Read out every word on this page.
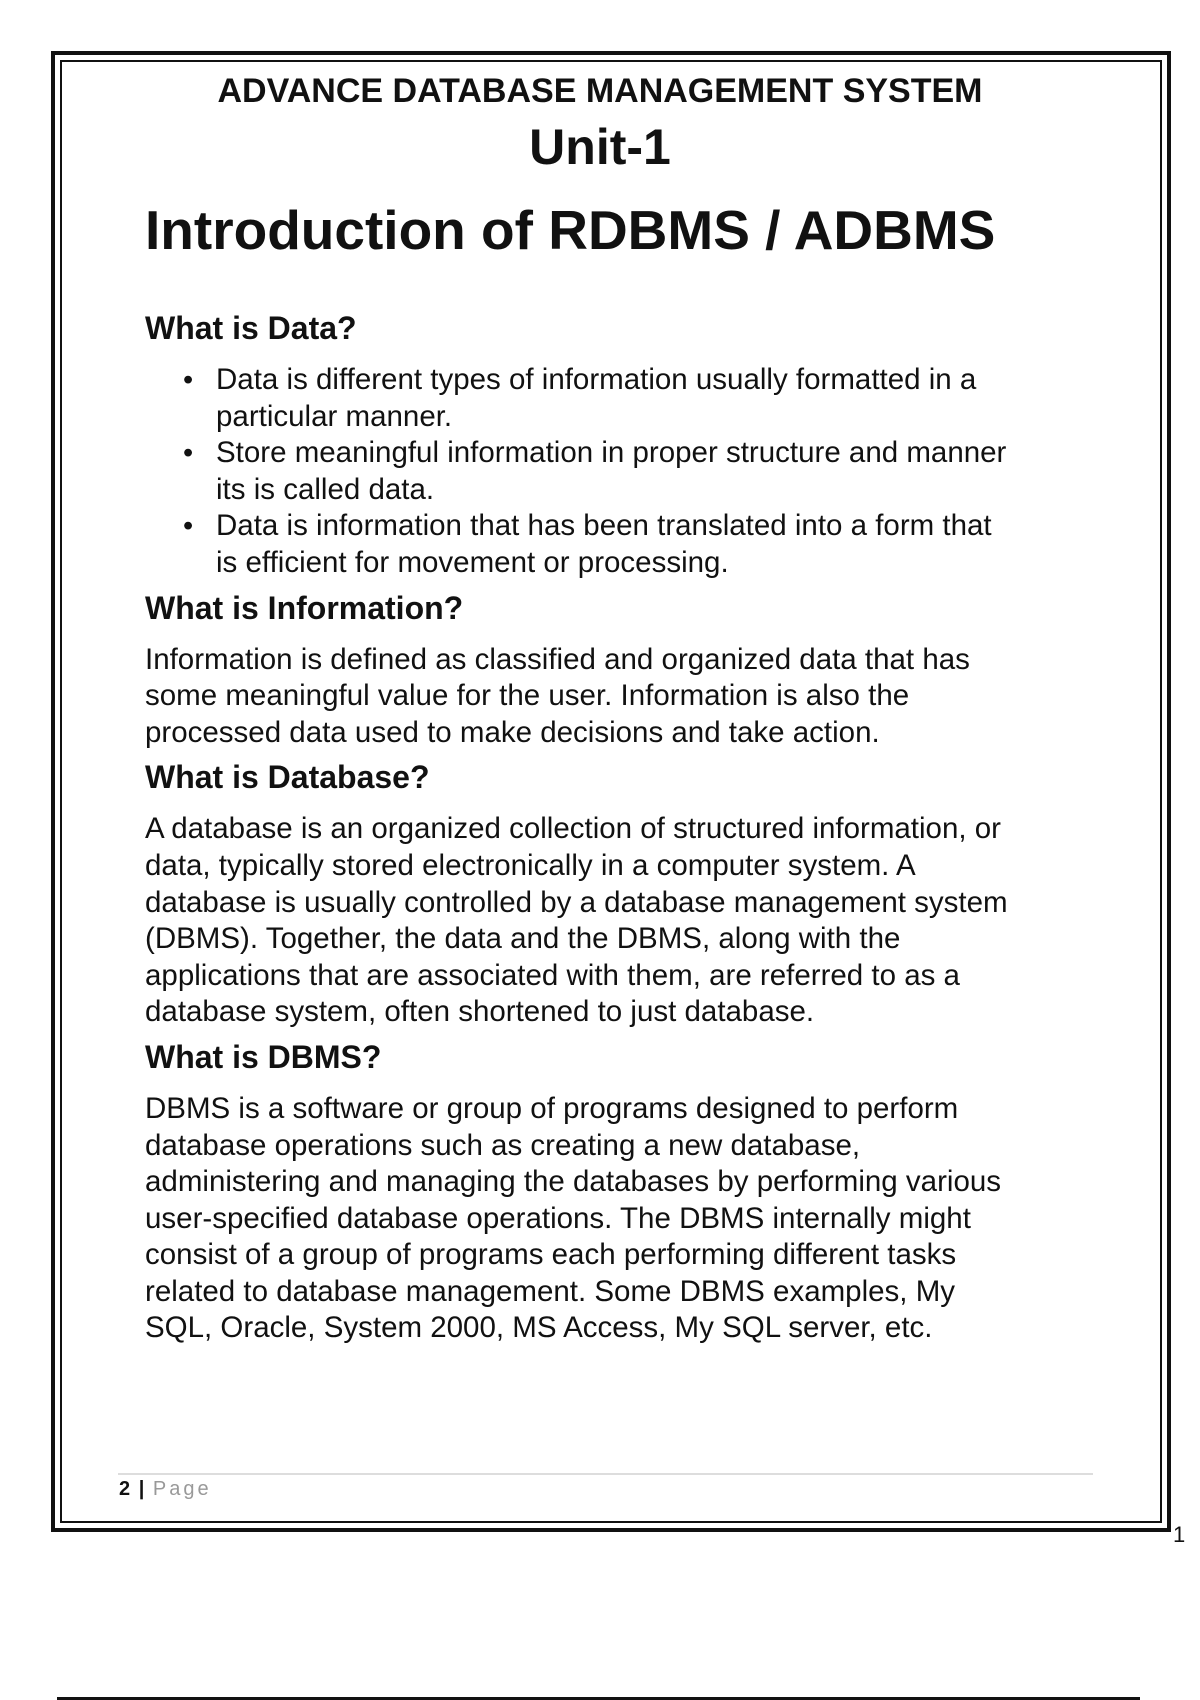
ADVANCE DATABASE MANAGEMENT SYSTEM
Unit-1
Introduction of RDBMS / ADBMS
What is Data?
• Data is different types of information usually formatted in a
particular manner.
• Store meaningful information in proper structure and manner
its is called data.
• Data is information that has been translated into a form that
is efficient for movement or processing.
What is Information?
Information is defined as classified and organized data that has
some meaningful value for the user. Information is also the
processed data used to make decisions and take action.
What is Database?
A database is an organized collection of structured information, or
data, typically stored electronically in a computer system. A
database is usually controlled by a database management system
(DBMS). Together, the data and the DBMS, along with the
applications that are associated with them, are referred to as a
database system, often shortened to just database.
What is DBMS?
DBMS is a software or group of programs designed to perform
database operations such as creating a new database,
administering and managing the databases by performing various
user-specified database operations. The DBMS internally might
consist of a group of programs each performing different tasks
related to database management. Some DBMS examples, My
SQL, Oracle, System 2000, MS Access, My SQL server, etc.
2 | Page
1
